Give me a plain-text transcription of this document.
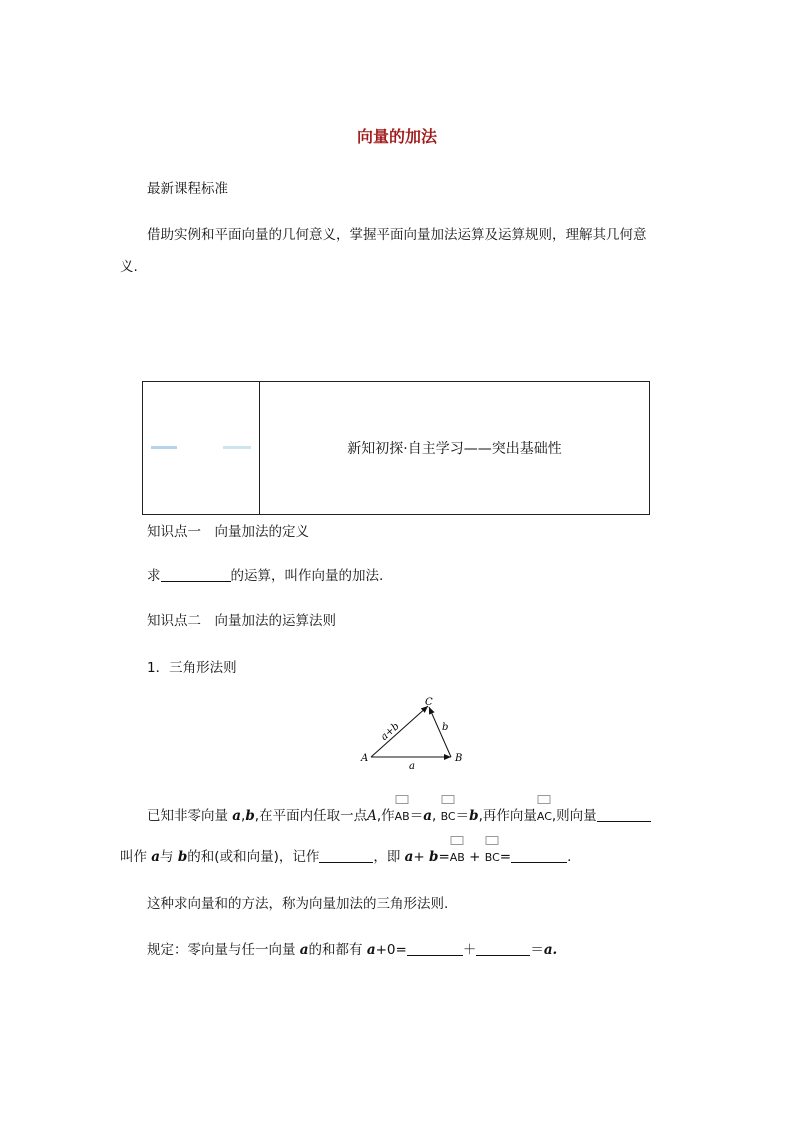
向量的加法
最新课程标准
借助实例和平面向量的几何意义，掌握平面向量加法运算及运算规则，理解其几何意
义.
新知初探·自主学习——突出基础性
知识点一　向量加法的定义
求	的运算，叫作向量的加法.
知识点二　向量加法的运算法则
1．三角形法则
A	B
C
a
b
a+b
已知非零向量 a,b,在平面内任取一点A,作
AB＝a, BC＝b,再作向量
AC,则向量
叫作 a与 b的和(或和向量)，记作	，即 a+ b=
AB + BC=	.
这种求向量和的方法，称为向量加法的三角形法则.
规定：零向量与任一向量 a的和都有 a+0=	＋	＝a.
